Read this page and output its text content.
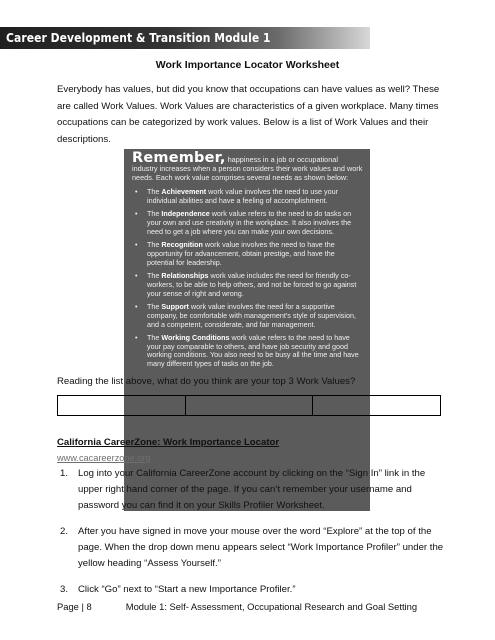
Career Development & Transition Module 1
Work Importance Locator Worksheet

Everybody has values, but did you know that occupations can have values as well? These are called Work Values. Work Values are characteristics of a given workplace. Many times occupations can be categorized by work values. Below is a list of Work Values and their descriptions.

Remember, happiness in a job or occupational industry increases when a person considers their work values and work needs. Each work value comprises several needs as shown below:

• The Achievement work value involves the need to use your individual abilities and have a feeling of accomplishment.
• The Independence work value refers to the need to do tasks on your own and use creativity in the workplace. It also involves the need to get a job where you can make your own decisions.
• The Recognition work value involves the need to have the opportunity for advancement, obtain prestige, and have the potential for leadership.
• The Relationships work value includes the need for friendly co-workers, to be able to help others, and not be forced to go against your sense of right and wrong.
• The Support work value involves the need for a supportive company, be comfortable with management's style of supervision, and a competent, considerate, and fair management.
• The Working Conditions work value refers to the need to have your pay comparable to others, and have job security and good working conditions. You also need to be busy all the time and have many different types of tasks on the job.

Reading the list above, what do you think are your top 3 Work Values?

California CareerZone: Work Importance Locator

www.cacareerzone.org
1. Log into your California CareerZone account by clicking on the “Sign In” link in the upper right hand corner of the page. If you can’t remember your username and password you can find it on your Skills Profiler Worksheet.
2. After you have signed in move your mouse over the word “Explore” at the top of the page. When the drop down menu appears select “Work Importance Profiler” under the yellow heading “Assess Yourself.”
3. Click “Go” next to “Start a new Importance Profiler.”
Page | 8	Module 1: Self- Assessment, Occupational Research and Goal Setting
